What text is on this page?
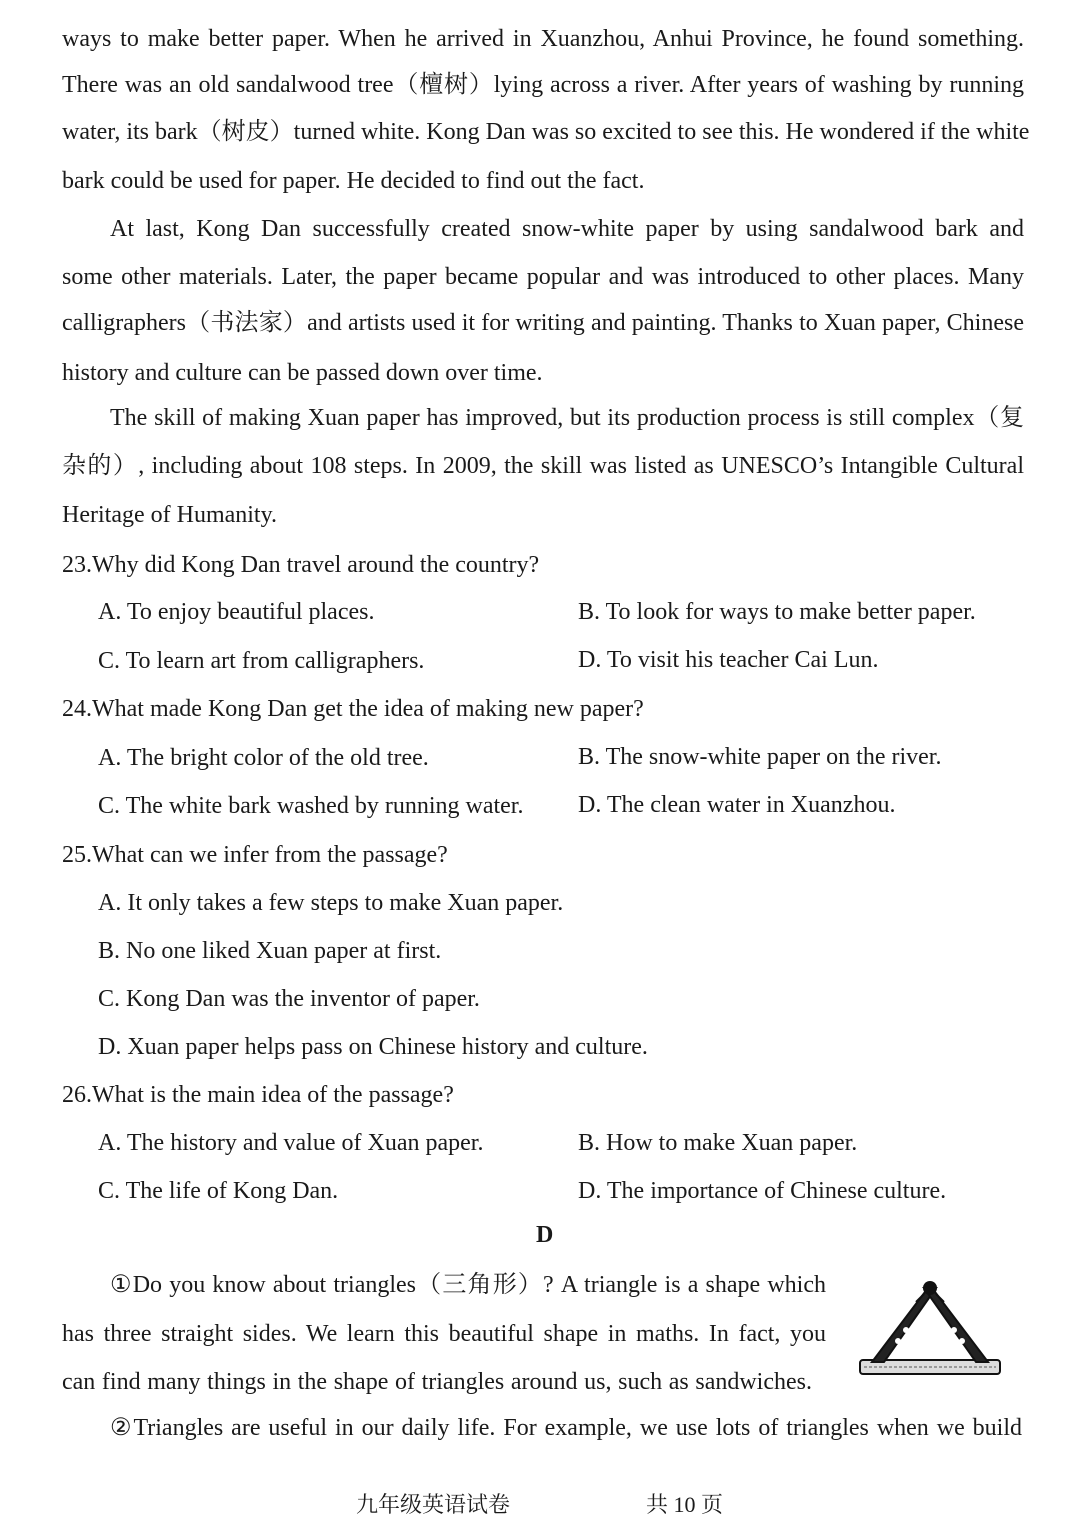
ways to make better paper. When he arrived in Xuanzhou, Anhui Province, he found something.
There was an old sandalwood tree（檀树）lying across a river. After years of washing by running
water, its bark（树皮）turned white. Kong Dan was so excited to see this. He wondered if the white
bark could be used for paper. He decided to find out the fact.
At last, Kong Dan successfully created snow-white paper by using sandalwood bark and
some other materials. Later, the paper became popular and was introduced to other places. Many
calligraphers（书法家）and artists used it for writing and painting. Thanks to Xuan paper, Chinese
history and culture can be passed down over time.
The skill of making Xuan paper has improved, but its production process is still complex（复
杂的）, including about 108 steps. In 2009, the skill was listed as UNESCO’s Intangible Cultural
Heritage of Humanity.
23.Why did Kong Dan travel around the country?
A. To enjoy beautiful places.	B. To look for ways to make better paper.
C. To learn art from calligraphers.	D. To visit his teacher Cai Lun.
24.What made Kong Dan get the idea of making new paper?
A. The bright color of the old tree.	B. The snow-white paper on the river.
C. The white bark washed by running water. D. The clean water in Xuanzhou.
25.What can we infer from the passage?
A. It only takes a few steps to make Xuan paper.
B. No one liked Xuan paper at first.
C. Kong Dan was the inventor of paper.
D. Xuan paper helps pass on Chinese history and culture.
26.What is the main idea of the passage?
A. The history and value of Xuan paper.	B. How to make Xuan paper.
C. The life of Kong Dan.	D. The importance of Chinese culture.
D
①Do you know about triangles（三角形）? A triangle is a shape which
has three straight sides. We learn this beautiful shape in maths. In fact, you
can find many things in the shape of triangles around us, such as sandwiches.
②Triangles are useful in our daily life. For example, we use lots of triangles when we build
九年级英语试卷	共 10 页
